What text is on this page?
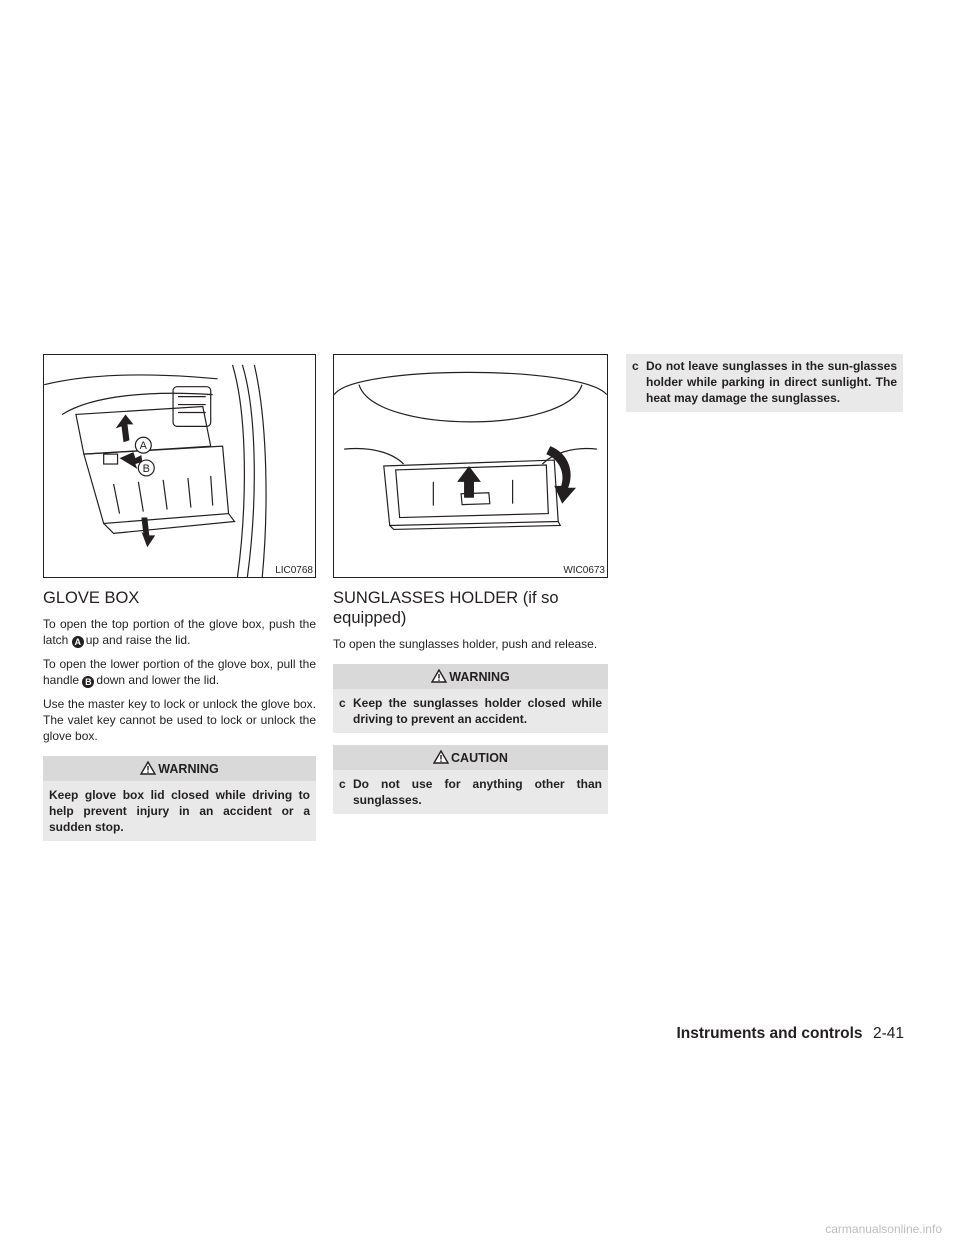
A
B
LIC0768
GLOVE BOX

To open the top portion of the glove box, push the latch A up and raise the lid.

To open the lower portion of the glove box, pull the handle B down and lower the lid.

Use the master key to lock or unlock the glove box. The valet key cannot be used to lock or unlock the glove box.

WARNING
Keep glove box lid closed while driving to help prevent injury in an accident or a sudden stop.
WIC0673
SUNGLASSES HOLDER (if so equipped)

To open the sunglasses holder, push and release.

WARNING
c Keep the sunglasses holder closed while driving to prevent an accident.
CAUTION
c Do not use for anything other than sunglasses.
c Do not leave sunglasses in the sun-glasses holder while parking in direct sunlight. The heat may damage the sunglasses.
Instruments and controls 2-41
carmanualsonline.info
